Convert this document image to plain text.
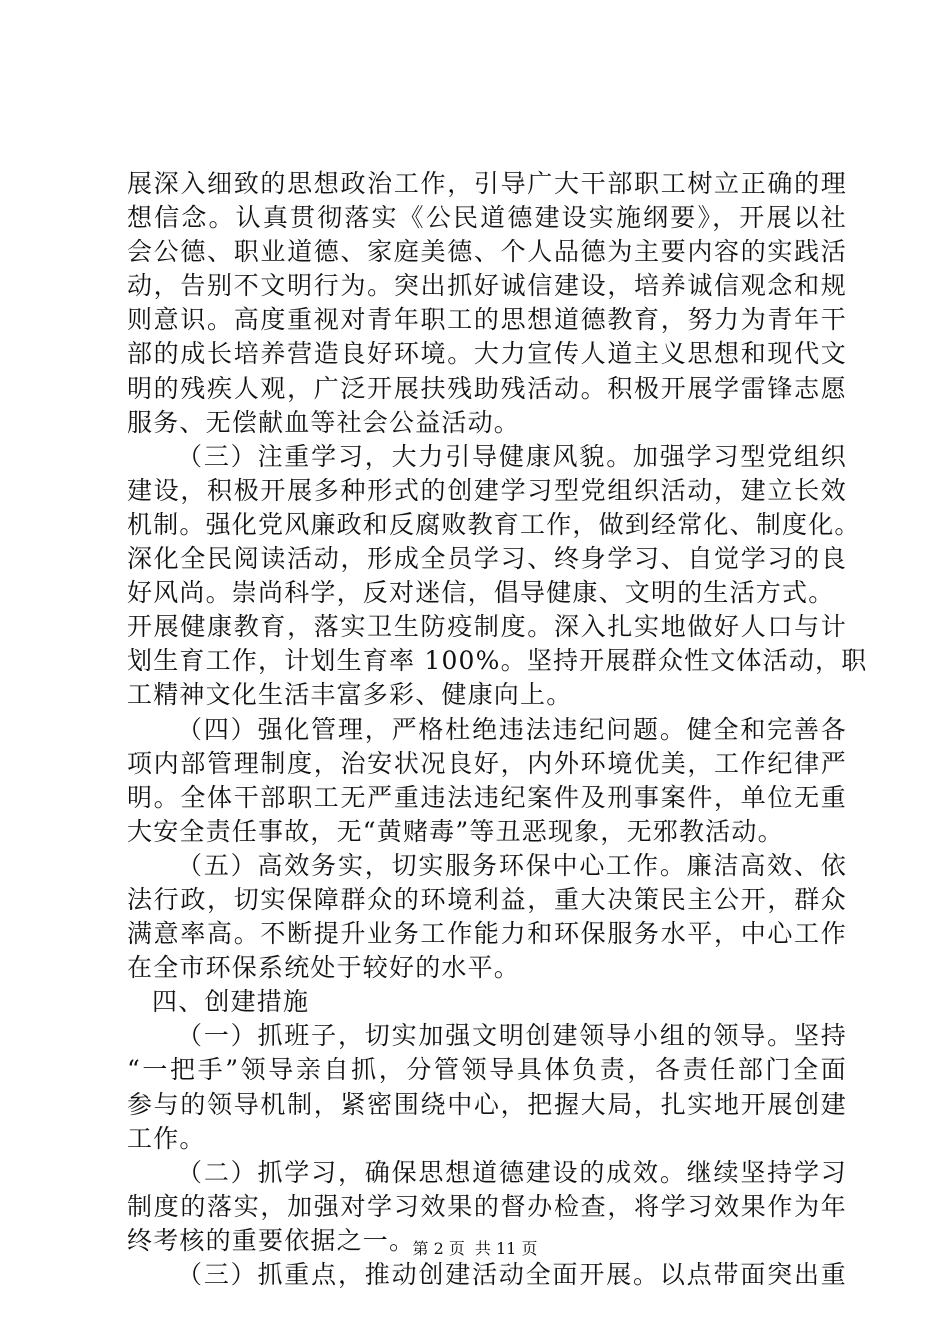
展深入细致的思想政治工作，引导广大干部职工树立正确的理
想信念。认真贯彻落实《公民道德建设实施纲要》，开展以社
会公德、职业道德、家庭美德、个人品德为主要内容的实践活
动，告别不文明行为。突出抓好诚信建设，培养诚信观念和规
则意识。高度重视对青年职工的思想道德教育，努力为青年干
部的成长培养营造良好环境。大力宣传人道主义思想和现代文
明的残疾人观，广泛开展扶残助残活动。积极开展学雷锋志愿
服务、无偿献血等社会公益活动。
（三）注重学习，大力引导健康风貌。加强学习型党组织
建设，积极开展多种形式的创建学习型党组织活动，建立长效
机制。强化党风廉政和反腐败教育工作，做到经常化、制度化。
深化全民阅读活动，形成全员学习、终身学习、自觉学习的良
好风尚。崇尚科学，反对迷信，倡导健康、文明的生活方式。
开展健康教育，落实卫生防疫制度。深入扎实地做好人口与计
划生育工作，计划生育率 100%。坚持开展群众性文体活动，职
工精神文化生活丰富多彩、健康向上。
（四）强化管理，严格杜绝违法违纪问题。健全和完善各
项内部管理制度，治安状况良好，内外环境优美，工作纪律严
明。全体干部职工无严重违法违纪案件及刑事案件，单位无重
大安全责任事故，无“黄赌毒”等丑恶现象，无邪教活动。
（五）高效务实，切实服务环保中心工作。廉洁高效、依
法行政，切实保障群众的环境利益，重大决策民主公开，群众
满意率高。不断提升业务工作能力和环保服务水平，中心工作
在全市环保系统处于较好的水平。
四、创建措施
（一）抓班子，切实加强文明创建领导小组的领导。坚持
“一把手”领导亲自抓，分管领导具体负责，各责任部门全面
参与的领导机制，紧密围绕中心，把握大局，扎实地开展创建
工作。
（二）抓学习，确保思想道德建设的成效。继续坚持学习
制度的落实，加强对学习效果的督办检查，将学习效果作为年
终考核的重要依据之一。
（三）抓重点，推动创建活动全面开展。以点带面突出重
第 2 页 共 11 页
